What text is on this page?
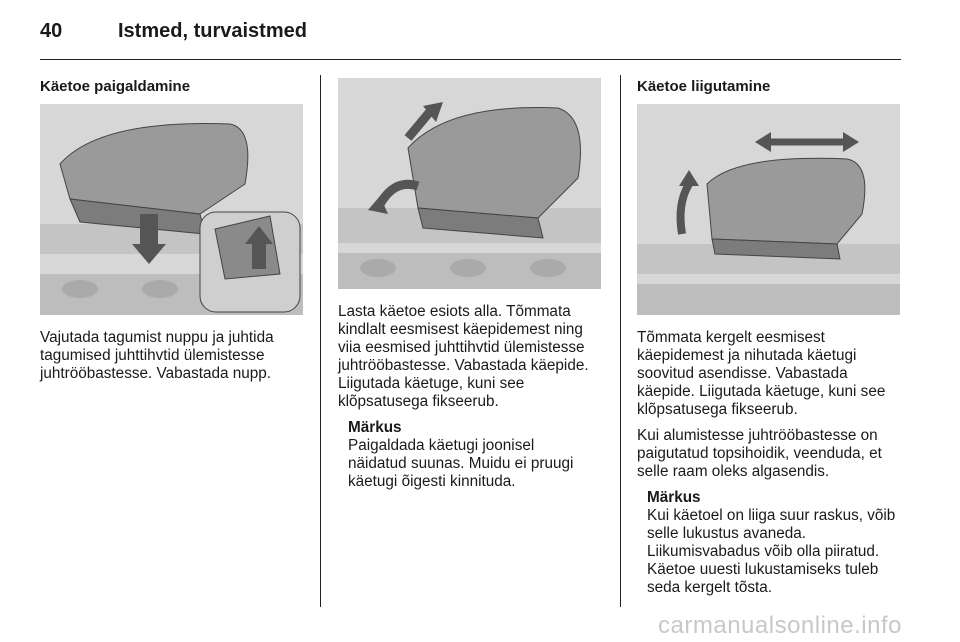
40	Istmed, turvaistmed
Käetoe paigaldamine

Vajutada tagumist nuppu ja juhtida
tagumised juhttihvtid ülemistesse
juhtrööbastesse. Vabastada nupp.

Lasta käetoe esiots alla. Tõmmata
kindlalt eesmisest käepidemest ning
viia eesmised juhttihvtid ülemistesse
juhtrööbastesse. Vabastada käepide.
Liigutada käetuge, kuni see
klõpsatusega fikseerub.

Märkus
Paigaldada käetugi joonisel
näidatud suunas. Muidu ei pruugi
käetugi õigesti kinnituda.
Käetoe liigutamine

Tõmmata kergelt eesmisest
käepidemest ja nihutada käetugi
soovitud asendisse. Vabastada
käepide. Liigutada käetuge, kuni see
klõpsatusega fikseerub.

Kui alumistesse juhtrööbastesse on
paigutatud topsihoidik, veenduda, et
selle raam oleks algasendis.

Märkus
Kui käetoel on liiga suur raskus, võib
selle lukustus avaneda.
Liikumisvabadus võib olla piiratud.
Käetoe uuesti lukustamiseks tuleb
seda kergelt tõsta.
carmanualsonline.info
